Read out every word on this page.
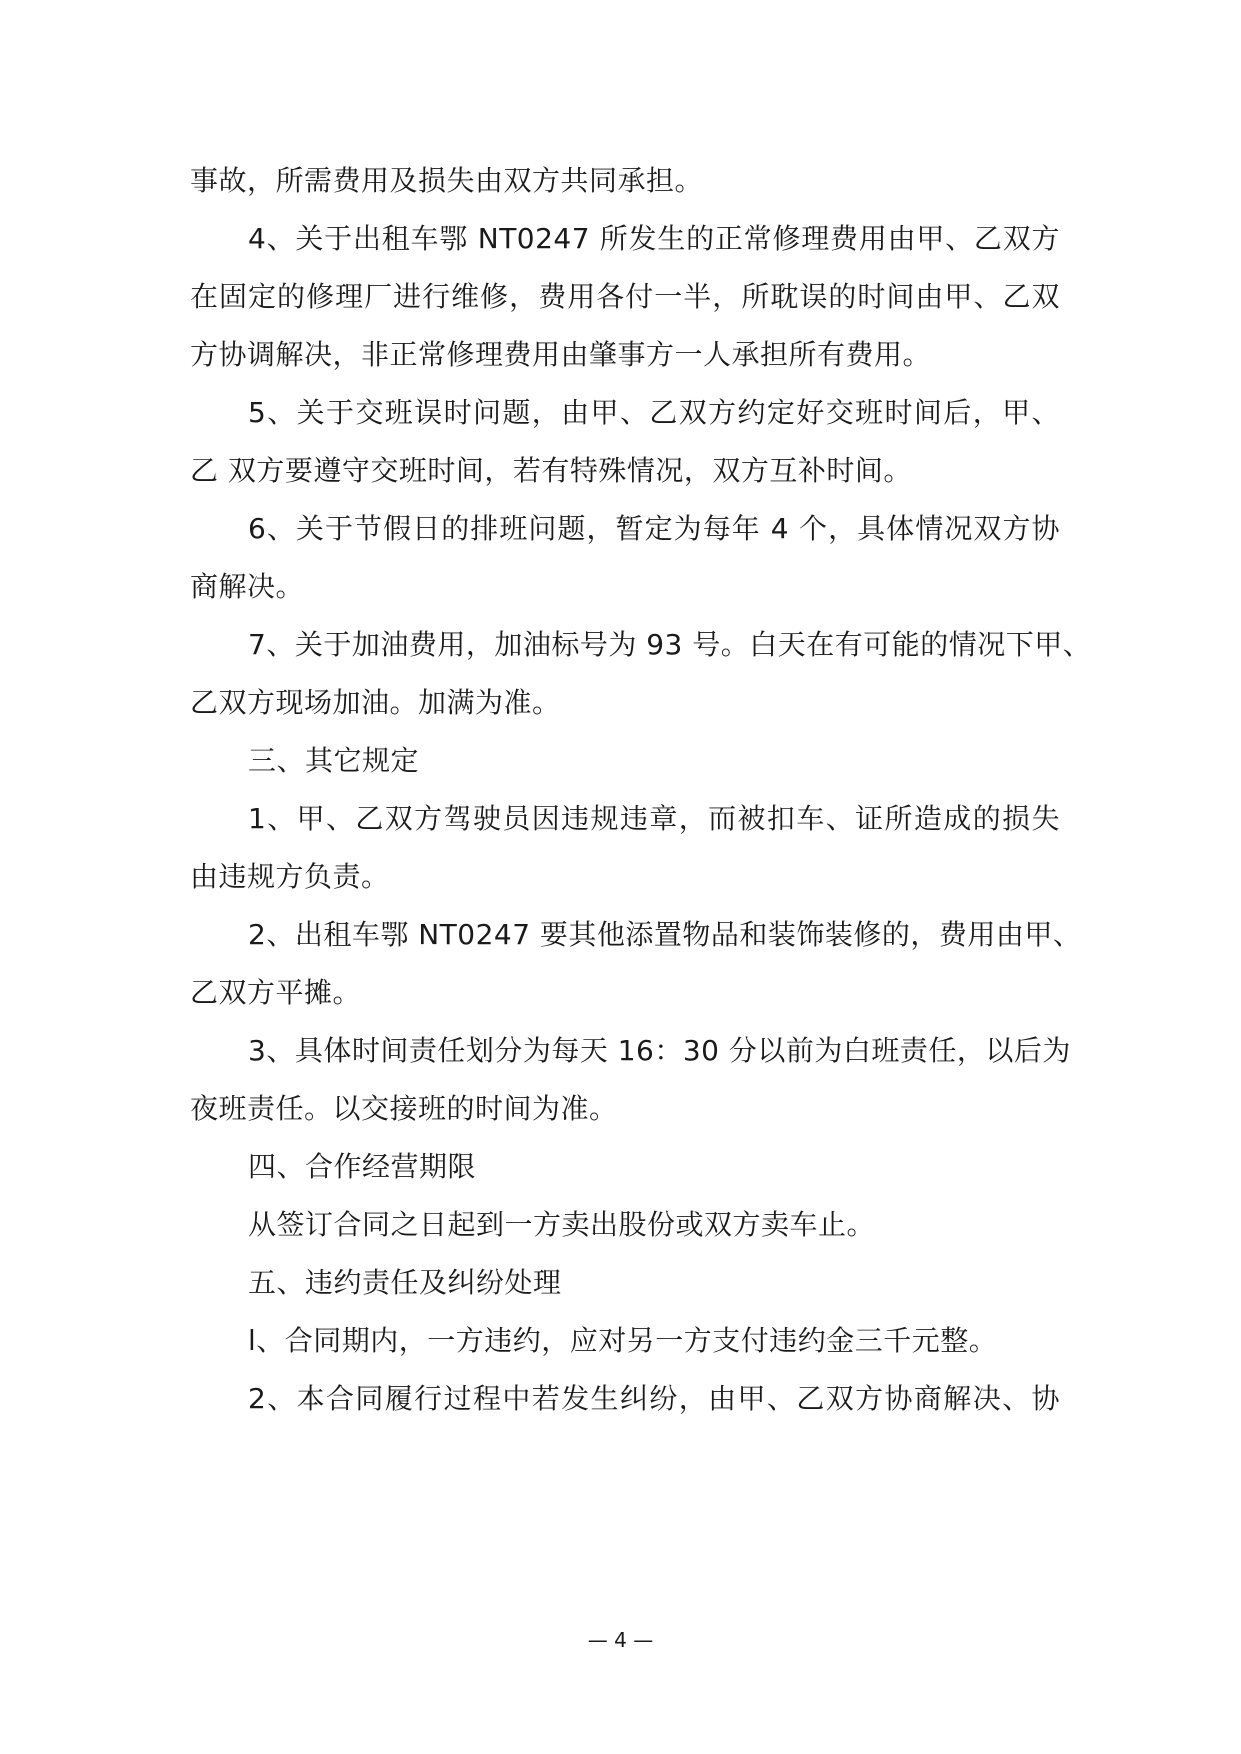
事故，所需费用及损失由双方共同承担。
4、关于出租车鄂 NT0247 所发生的正常修理费用由甲、乙双方
在固定的修理厂进行维修，费用各付一半，所耽误的时间由甲、乙双
方协调解决，非正常修理费用由肇事方一人承担所有费用。
5、关于交班误时问题，由甲、乙双方约定好交班时间后，甲、
乙 双方要遵守交班时间，若有特殊情况，双方互补时间。
6、关于节假日的排班问题，暂定为每年 4 个，具体情况双方协
商解决。
7、关于加油费用，加油标号为 93 号。白天在有可能的情况下甲、
乙双方现场加油。加满为准。
三、其它规定
1、甲、乙双方驾驶员因违规违章，而被扣车、证所造成的损失
由违规方负责。
2、出租车鄂 NT0247 要其他添置物品和装饰装修的，费用由甲、
乙双方平摊。
3、具体时间责任划分为每天 16：30 分以前为白班责任，以后为
夜班责任。以交接班的时间为准。
四、合作经营期限
从签订合同之日起到一方卖出股份或双方卖车止。
五、违约责任及纠纷处理
l、合同期内，一方违约，应对另一方支付违约金三千元整。
2、本合同履行过程中若发生纠纷，由甲、乙双方协商解决、协
— 4 —
